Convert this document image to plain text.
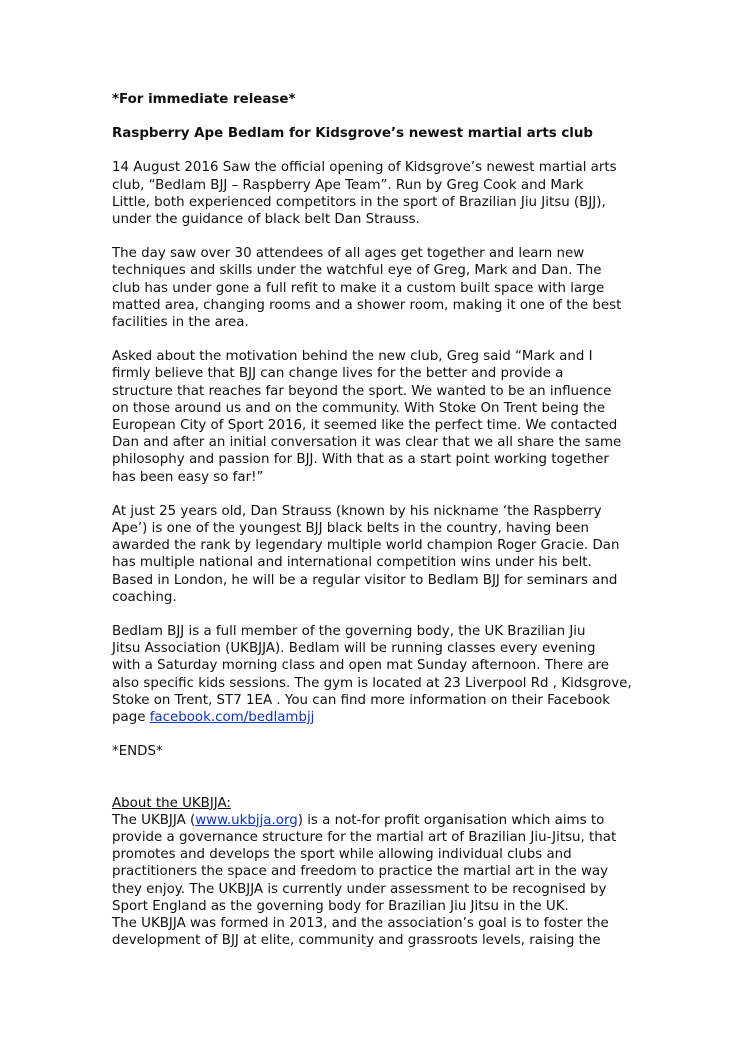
*For immediate release*

Raspberry Ape Bedlam for Kidsgrove’s newest martial arts club

14 August 2016 Saw the official opening of Kidsgrove’s newest martial arts
club, “Bedlam BJJ – Raspberry Ape Team”. Run by Greg Cook and Mark
Little, both experienced competitors in the sport of Brazilian Jiu Jitsu (BJJ),
under the guidance of black belt Dan Strauss.

The day saw over 30 attendees of all ages get together and learn new
techniques and skills under the watchful eye of Greg, Mark and Dan. The
club has under gone a full refit to make it a custom built space with large
matted area, changing rooms and a shower room, making it one of the best
facilities in the area.

Asked about the motivation behind the new club, Greg said “Mark and I
firmly believe that BJJ can change lives for the better and provide a
structure that reaches far beyond the sport. We wanted to be an influence
on those around us and on the community. With Stoke On Trent being the
European City of Sport 2016, it seemed like the perfect time. We contacted
Dan and after an initial conversation it was clear that we all share the same
philosophy and passion for BJJ. With that as a start point working together
has been easy so far!”

At just 25 years old, Dan Strauss (known by his nickname ‘the Raspberry
Ape’) is one of the youngest BJJ black belts in the country, having been
awarded the rank by legendary multiple world champion Roger Gracie. Dan
has multiple national and international competition wins under his belt.
Based in London, he will be a regular visitor to Bedlam BJJ for seminars and
coaching.

Bedlam BJJ is a full member of the governing body, the UK Brazilian Jiu
Jitsu Association (UKBJJA). Bedlam will be running classes every evening
with a Saturday morning class and open mat Sunday afternoon. There are
also specific kids sessions. The gym is located at 23 Liverpool Rd , Kidsgrove,
Stoke on Trent, ST7 1EA . You can find more information on their Facebook
page facebook.com/bedlambjj

*ENDS*

About the UKBJJA:

The UKBJJA (www.ukbjja.org) is a not-for profit organisation which aims to
provide a governance structure for the martial art of Brazilian Jiu-Jitsu, that
promotes and develops the sport while allowing individual clubs and
practitioners the space and freedom to practice the martial art in the way
they enjoy. The UKBJJA is currently under assessment to be recognised by
Sport England as the governing body for Brazilian Jiu Jitsu in the UK.

The UKBJJA was formed in 2013, and the association’s goal is to foster the
development of BJJ at elite, community and grassroots levels, raising the
